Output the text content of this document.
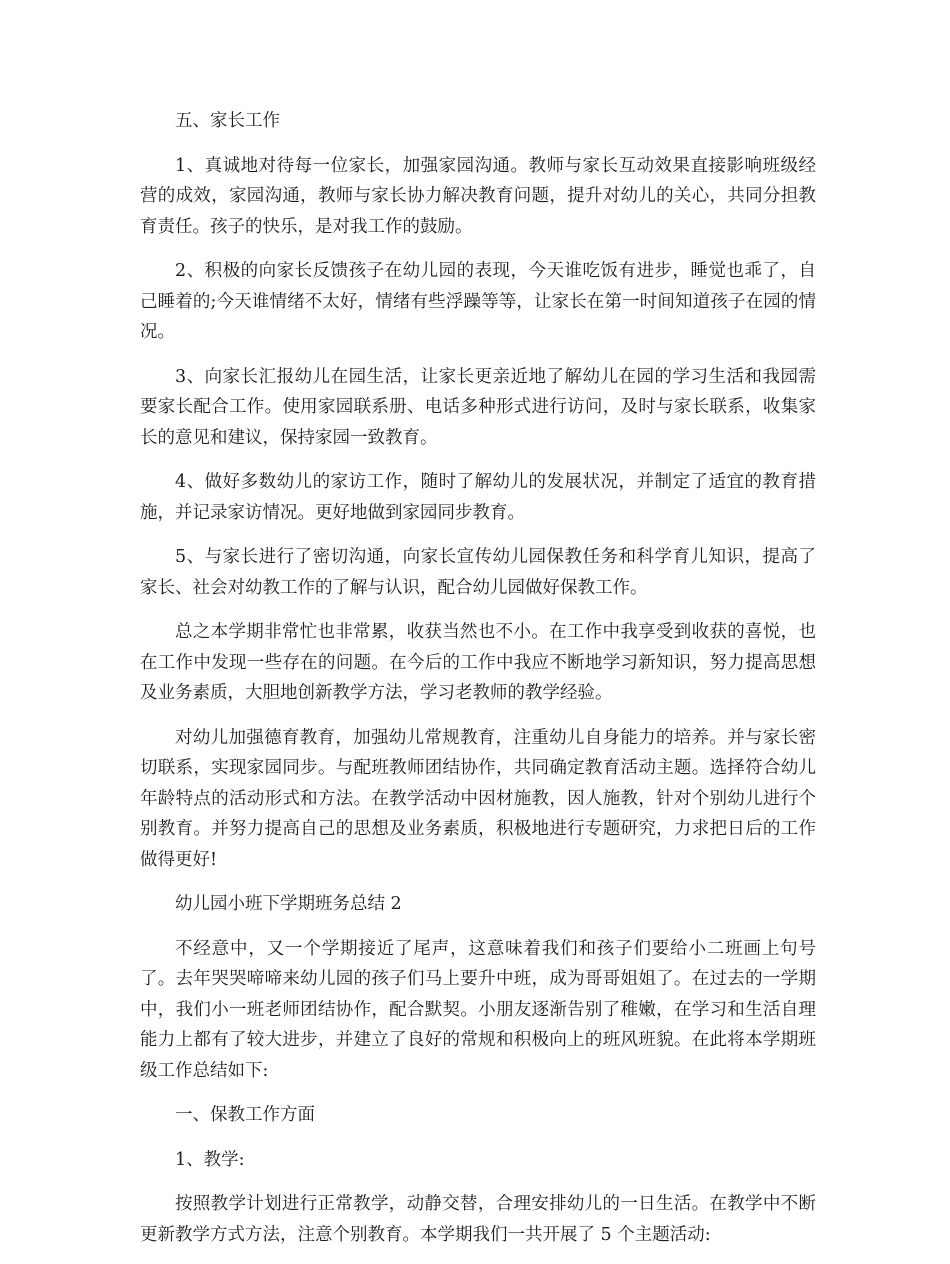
五、家长工作

1、真诚地对待每一位家长，加强家园沟通。教师与家长互动效果直接影响班级经营的成效，家园沟通，教师与家长协力解决教育问题，提升对幼儿的关心，共同分担教育责任。孩子的快乐，是对我工作的鼓励。

2、积极的向家长反馈孩子在幼儿园的表现，今天谁吃饭有进步，睡觉也乖了，自己睡着的;今天谁情绪不太好，情绪有些浮躁等等，让家长在第一时间知道孩子在园的情况。

3、向家长汇报幼儿在园生活，让家长更亲近地了解幼儿在园的学习生活和我园需要家长配合工作。使用家园联系册、电话多种形式进行访问，及时与家长联系，收集家长的意见和建议，保持家园一致教育。

4、做好多数幼儿的家访工作，随时了解幼儿的发展状况，并制定了适宜的教育措施，并记录家访情况。更好地做到家园同步教育。

5、与家长进行了密切沟通，向家长宣传幼儿园保教任务和科学育儿知识，提高了家长、社会对幼教工作的了解与认识，配合幼儿园做好保教工作。

总之本学期非常忙也非常累，收获当然也不小。在工作中我享受到收获的喜悦，也在工作中发现一些存在的问题。在今后的工作中我应不断地学习新知识，努力提高思想及业务素质，大胆地创新教学方法，学习老教师的教学经验。

对幼儿加强德育教育，加强幼儿常规教育，注重幼儿自身能力的培养。并与家长密切联系，实现家园同步。与配班教师团结协作，共同确定教育活动主题。选择符合幼儿年龄特点的活动形式和方法。在教学活动中因材施教，因人施教，针对个别幼儿进行个别教育。并努力提高自己的思想及业务素质，积极地进行专题研究，力求把日后的工作做得更好!

幼儿园小班下学期班务总结 2

不经意中，又一个学期接近了尾声，这意味着我们和孩子们要给小二班画上句号了。去年哭哭啼啼来幼儿园的孩子们马上要升中班，成为哥哥姐姐了。在过去的一学期中，我们小一班老师团结协作，配合默契。小朋友逐渐告别了稚嫩，在学习和生活自理能力上都有了较大进步，并建立了良好的常规和积极向上的班风班貌。在此将本学期班级工作总结如下:

一、保教工作方面

1、教学:

按照教学计划进行正常教学，动静交替，合理安排幼儿的一日生活。在教学中不断更新教学方式方法，注意个别教育。本学期我们一共开展了 5 个主题活动:
